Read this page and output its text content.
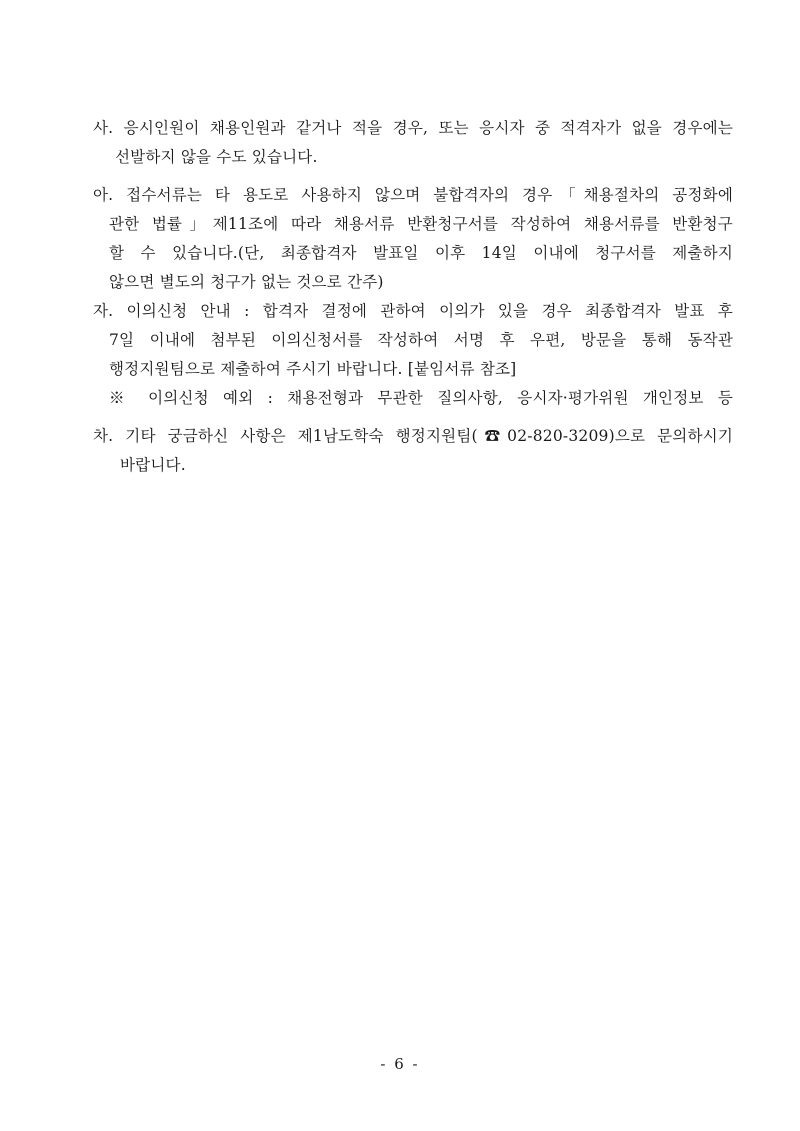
사. 응시인원이 채용인원과 같거나 적을 경우, 또는 응시자 중 적격자가 없을 경우에는
선발하지 않을 수도 있습니다.
아. 접수서류는 타 용도로 사용하지 않으며 불합격자의 경우「채용절차의 공정화에
관한 법률」제11조에 따라 채용서류 반환청구서를 작성하여 채용서류를 반환청구
할 수 있습니다.(단, 최종합격자 발표일 이후 14일 이내에 청구서를 제출하지
않으면 별도의 청구가 없는 것으로 간주)
자. 이의신청 안내 : 합격자 결정에 관하여 이의가 있을 경우 최종합격자 발표 후
7일 이내에 첨부된 이의신청서를 작성하여 서명 후 우편, 방문을 통해 동작관
행정지원팀으로 제출하여 주시기 바랍니다. [붙임서류 참조]
※ 이의신청 예외 : 채용전형과 무관한 질의사항, 응시자·평가위원 개인정보 등
차. 기타 궁금하신 사항은 제1남도학숙 행정지원팀(☎02-820-3209)으로 문의하시기
바랍니다.
- 6 -
